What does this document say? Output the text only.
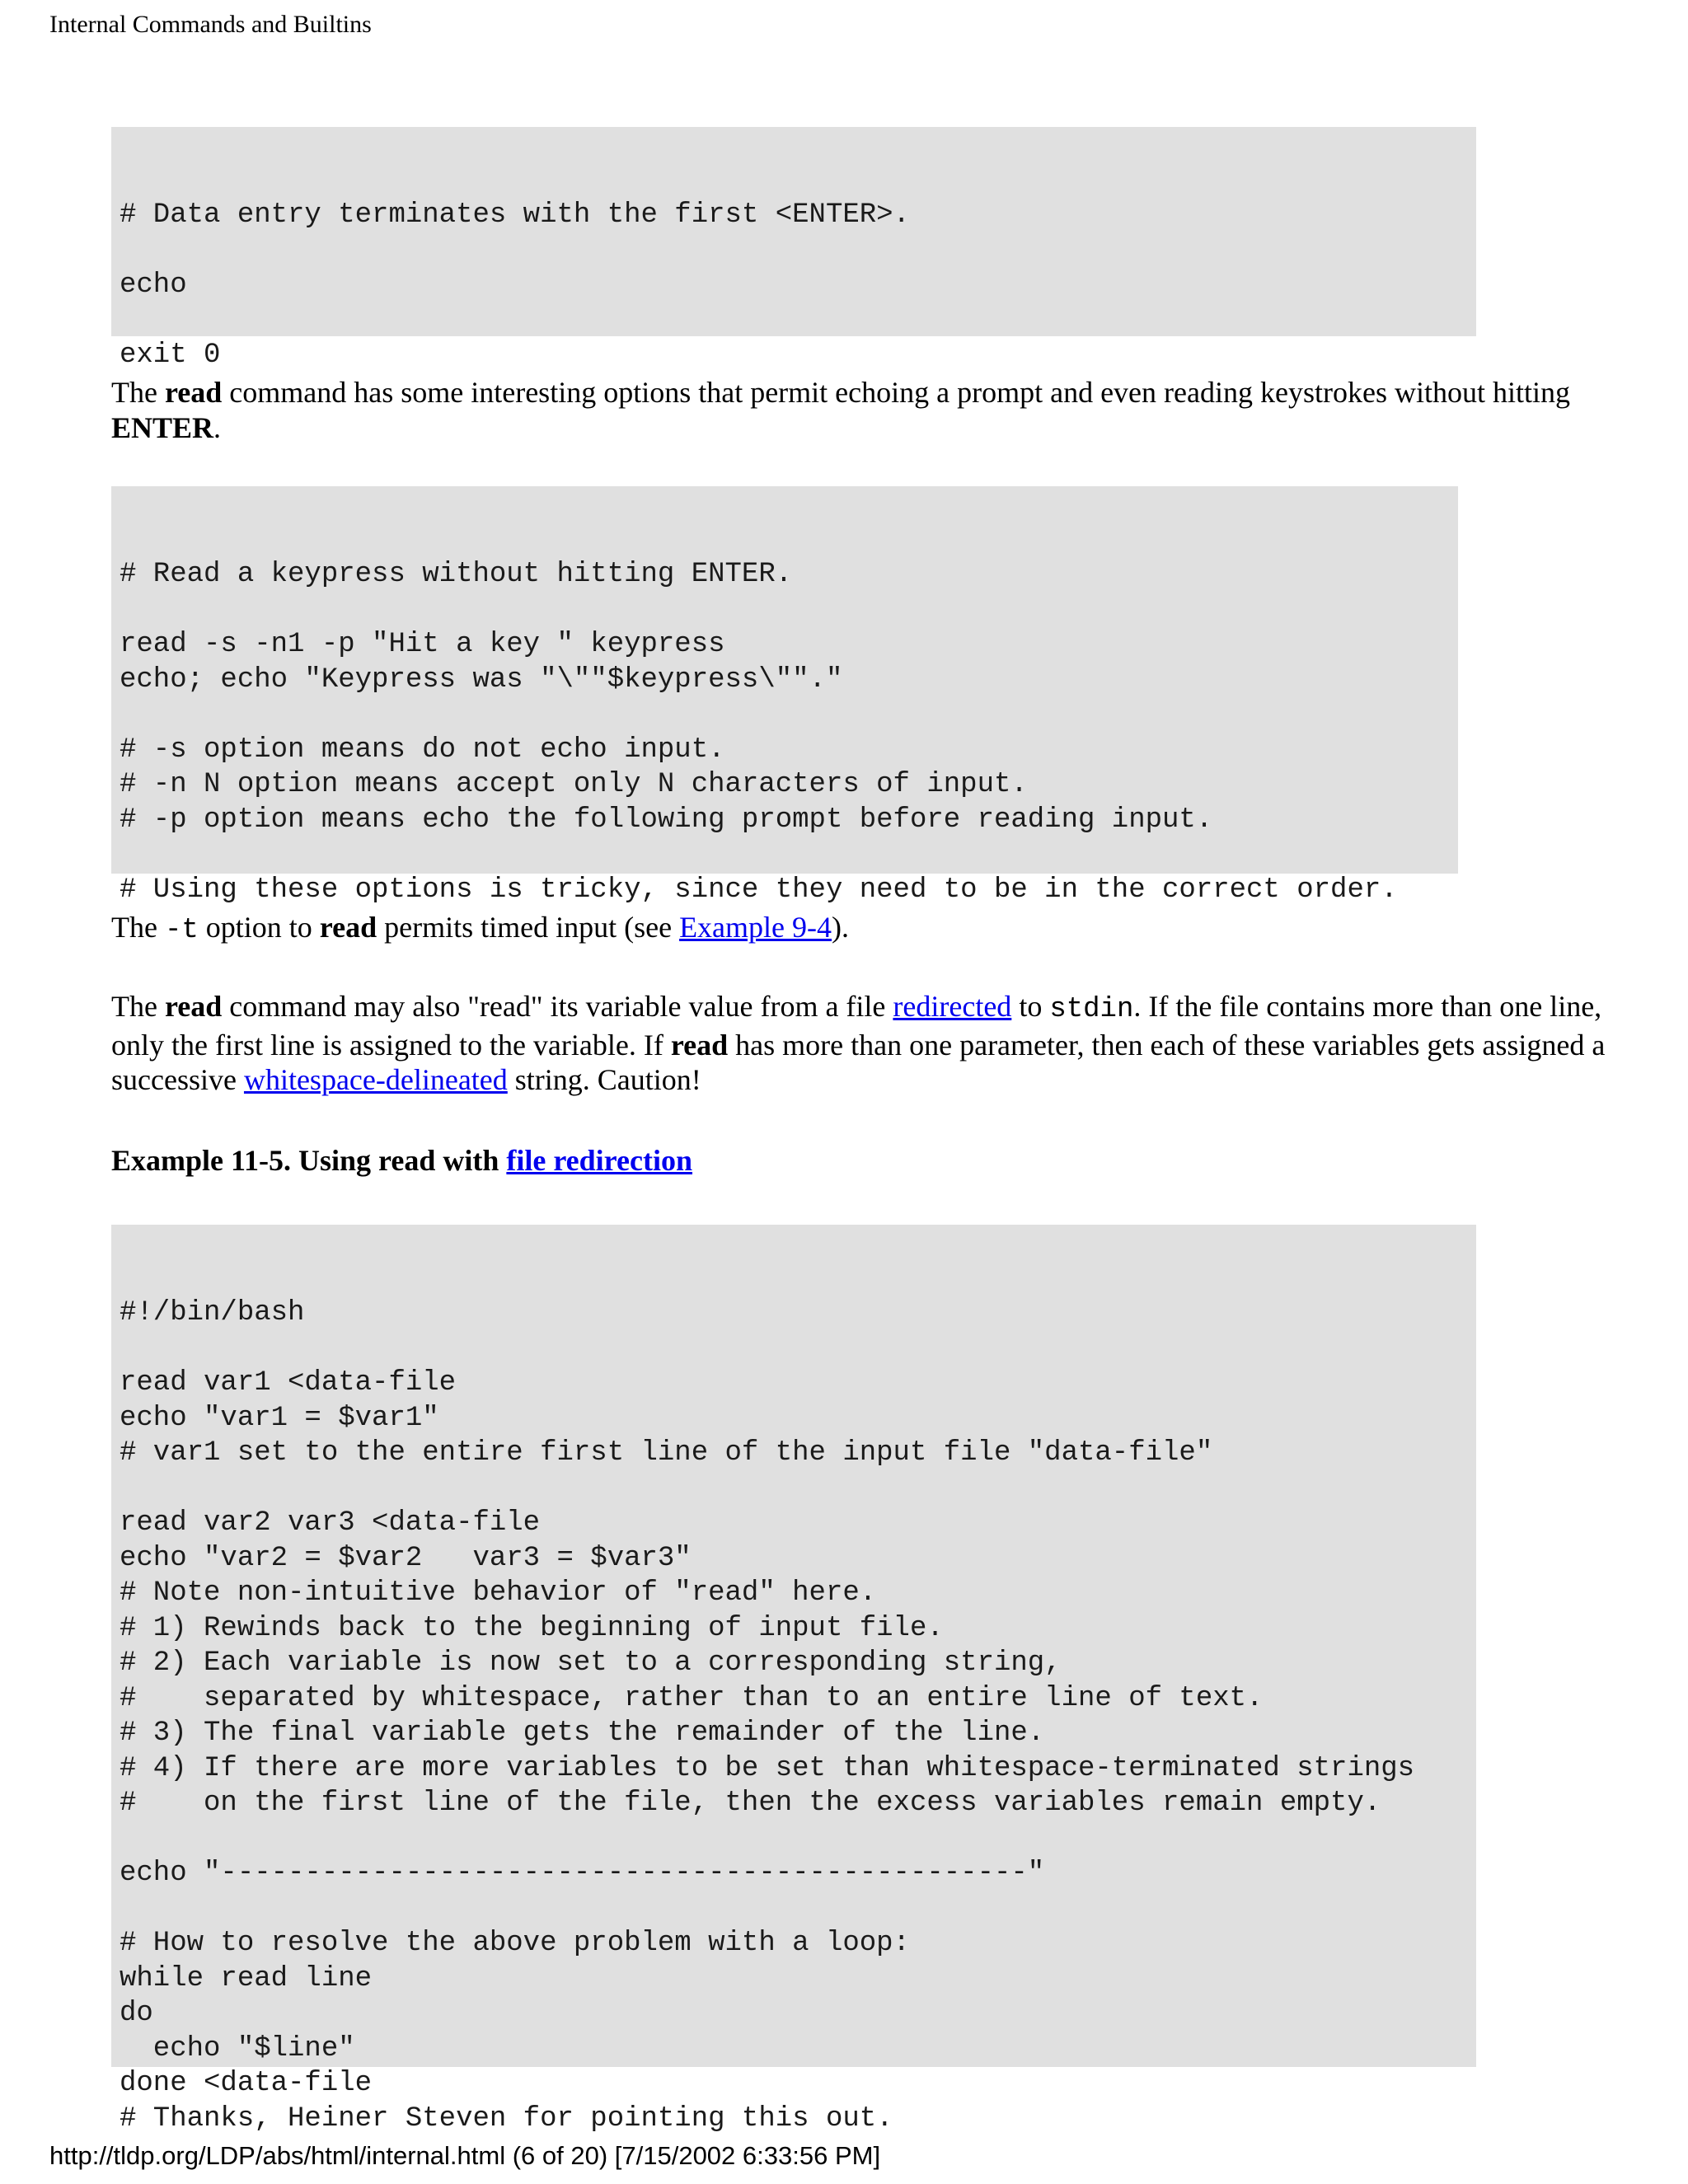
Internal Commands and Builtins

# Data entry terminates with the first <ENTER>.

echo

exit 0

The read command has some interesting options that permit echoing a prompt and even reading keystrokes without hitting ENTER.

# Read a keypress without hitting ENTER.

read -s -n1 -p "Hit a key " keypress
echo; echo "Keypress was "\""$keypress\""."

# -s option means do not echo input.
# -n N option means accept only N characters of input.
# -p option means echo the following prompt before reading input.

# Using these options is tricky, since they need to be in the correct order.

The -t option to read permits timed input (see Example 9-4).
The read command may also "read" its variable value from a file redirected to stdin. If the file contains more than one line, only the first line is assigned to the variable. If read has more than one parameter, then each of these variables gets assigned a successive whitespace-delineated string. Caution!
Example 11-5. Using read with file redirection

#!/bin/bash

read var1 <data-file
echo "var1 = $var1"
# var1 set to the entire first line of the input file "data-file"

read var2 var3 <data-file
echo "var2 = $var2   var3 = $var3"
# Note non-intuitive behavior of "read" here.
# 1) Rewinds back to the beginning of input file.
# 2) Each variable is now set to a corresponding string,
#    separated by whitespace, rather than to an entire line of text.
# 3) The final variable gets the remainder of the line.
# 4) If there are more variables to be set than whitespace-terminated strings
#    on the first line of the file, then the excess variables remain empty.

echo "------------------------------------------------"

# How to resolve the above problem with a loop:
while read line
do
echo "$line"
done <data-file
# Thanks, Heiner Steven for pointing this out.

http://tldp.org/LDP/abs/html/internal.html (6 of 20) [7/15/2002 6:33:56 PM]
